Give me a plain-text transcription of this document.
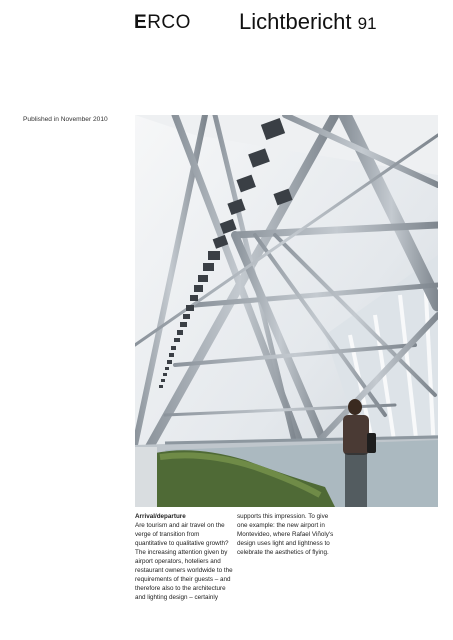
ERCO Lichtbericht 91
Published in November 2010
Arrival/departure
Are tourism and air travel on the verge of transition from quantitative to qualitative growth? The increasing attention given by airport operators, hoteliers and restaurant owners worldwide to the requirements of their guests – and therefore also to the architecture and lighting design – certainly
supports this impression. To give one example: the new airport in Montevideo, where Rafael Viñoly's design uses light and lightness to celebrate the aesthetics of flying.
